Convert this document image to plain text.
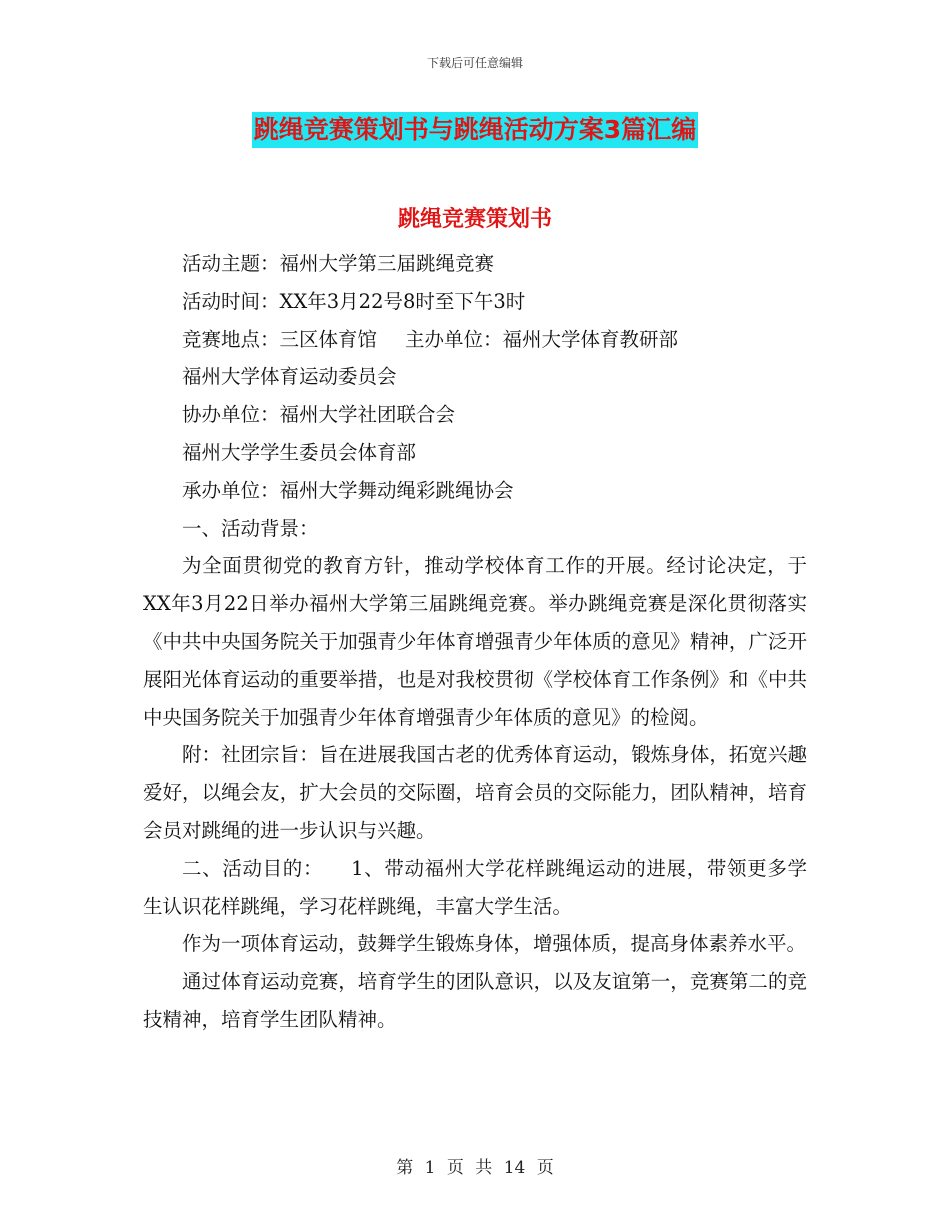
下载后可任意编辑
跳绳竞赛策划书与跳绳活动方案3篇汇编
跳绳竞赛策划书

活动主题：福州大学第三届跳绳竞赛

活动时间：XX年3月22号8时至下午3时

竞赛地点：三区体育馆 主办单位：福州大学体育教研部

福州大学体育运动委员会

协办单位：福州大学社团联合会

福州大学学生委员会体育部

承办单位：福州大学舞动绳彩跳绳协会

一、活动背景：

为全面贯彻党的教育方针，推动学校体育工作的开展。经讨论决定，于XX年3月22日举办福州大学第三届跳绳竞赛。举办跳绳竞赛是深化贯彻落实《中共中央国务院关于加强青少年体育增强青少年体质的意见》精神，广泛开展阳光体育运动的重要举措，也是对我校贯彻《学校体育工作条例》和《中共中央国务院关于加强青少年体育增强青少年体质的意见》的检阅。

附：社团宗旨：旨在进展我国古老的优秀体育运动，锻炼身体，拓宽兴趣爱好，以绳会友，扩大会员的交际圈，培育会员的交际能力，团队精神，培育会员对跳绳的进一步认识与兴趣。

二、活动目的： 1、带动福州大学花样跳绳运动的进展，带领更多学生认识花样跳绳，学习花样跳绳，丰富大学生活。

作为一项体育运动，鼓舞学生锻炼身体，增强体质，提高身体素养水平。

通过体育运动竞赛，培育学生的团队意识，以及友谊第一，竞赛第二的竞技精神，培育学生团队精神。

第 1 页 共 14 页
